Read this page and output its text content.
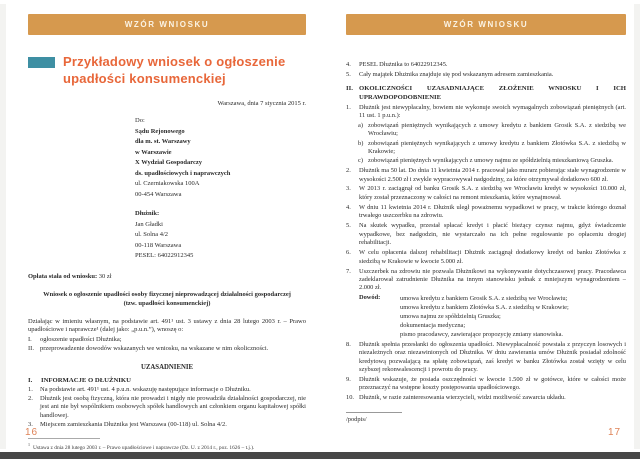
WZÓR WNIOSKU
Przykładowy wniosek o ogłoszenie upadłości konsumenckiej
Warszawa, dnia 7 stycznia 2015 r.
Do:
Sądu Rejonowego
dla m. st. Warszawy
w Warszawie
X Wydział Gospodarczy
ds. upadłościowych i naprawczych
ul. Czerniakowska 100A
00-454 Warszawa
Dłużnik:
Jan Gładki
ul. Solna 4/2
00-118 Warszawa
PESEL: 64022912345
Opłata stała od wniosku: 30 zł
Wniosek o ogłoszenie upadłości osoby fizycznej nieprowadzącej działalności gospodarczej
(tzw. upadłości konsumenckiej)
Działając w imieniu własnym, na podstawie art. 491¹ ust. 3 ustawy z dnia 28 lutego 2003 r. – Prawo upadłościowe i naprawcze¹ (dalej jako: „p.u.n.”), wnoszę o:
I.	ogłoszenie upadłości Dłużnika;
II. przeprowadzenie dowodów wskazanych we wniosku, na wskazane w nim okoliczności.
UZASADNIENIE
I.	INFORMACJE O DŁUŻNIKU
1.	Na podstawie art. 491¹ ust. 4 p.u.n. wskazuję następujące informacje o Dłużniku.
2.	Dłużnik jest osobą fizyczną, która nie prowadzi i nigdy nie prowadziła działalności gospodarczej, nie jest ani nie był wspólnikiem osobowych spółek handlowych ani członkiem organu kapitałowej spółki handlowej.
3.	Miejscem zamieszkania Dłużnika jest Warszawa (00-118) ul. Solna 4/2.
$^1$Ustawa z dnia 28 lutego 2003 r. – Prawo upadłościowe i naprawcze (Dz. U. z 2014 r., poz. 1626 – t.j.).
WZÓR WNIOSKU
4.	PESEL Dłużnika to 64022912345.
5.	Cały majątek Dłużnika znajduje się pod wskazanym adresem zamieszkania.
II. OKOLICZNOŚCI UZASADNIAJĄCE ZŁOŻENIE WNIOSKU I ICH UPRAWDOPODOBNIENIE
1.	Dłużnik jest niewypłacalny, bowiem nie wykonuje swoich wymagalnych zobowiązań pieniężnych (art. 11 ust. 1 p.u.n.):
a) zobowiązań pieniężnych wynikających z umowy kredytu z bankiem Grosik S.A. z siedzibą we Wrocławiu;
b) zobowiązań pieniężnych wynikających z umowy kredytu z bankiem Złotówka S.A. z siedzibą w Krakowie;
c) zobowiązań pieniężnych wynikających z umowy najmu ze spółdzielnią mieszkaniową Gruszka.
2.	Dłużnik ma 50 lat. Do dnia 11 kwietnia 2014 r. pracował jako murarz pobierając stałe wynagrodzenie w wysokości 2.500 zł i zwykle wypracowywał nadgodziny, za które otrzymywał dodatkowo 600 zł.
3.	W 2013 r. zaciągnął od banku Grosik S.A. z siedzibą we Wrocławiu kredyt w wysokości 10.000 zł, który został przeznaczony w całości na remont mieszkania, które wynajmował.
4.	W dniu 11 kwietnia 2014 r. Dłużnik uległ poważnemu wypadkowi w pracy, w trakcie którego doznał trwałego uszczerbku na zdrowiu.
5.	Na skutek wypadku, przestał spłacać kredyt i płacić bieżący czynsz najmu, gdyż świadczenie wypadkowe, bez nadgodzin, nie wystarczało na ich pełne regulowanie po opłaceniu drogiej rehabilitacji.
6.	W celu opłacenia dalszej rehabilitacji Dłużnik zaciągnął dodatkowy kredyt od banku Złotówka z siedzibą w Krakowie w kwocie 5.000 zł.
7.	Uszczerbek na zdrowiu nie pozwala Dłużnikowi na wykonywanie dotychczasowej pracy. Pracodawca zadeklarował zatrudnienie Dłużnika na innym stanowisku jednak z mniejszym wynagrodzeniem – 2.000 zł.
Dowód:	umowa kredytu z bankiem Grosik S.A. z siedzibą we Wrocławiu;
umowa kredytu z bankiem Złotówka S.A. z siedzibą w Krakowie;
umowa najmu ze spółdzielnią Gruszka;
dokumentacja medyczna;
pismo pracodawcy, zawierające propozycję zmiany stanowiska.
8.	Dłużnik spełnia przesłanki do ogłoszenia upadłości. Niewypłacalność powstała z przyczyn losowych i niezależnych oraz niezawinionych od Dłużnika. W dniu zawierania umów Dłużnik posiadał zdolność kredytową pozwalającą na spłatę zobowiązań, zaś kredyt w banku Złotówka został wzięty w celu szybszej rekonwalescencji i powrotu do pracy.
9.	Dłużnik wskazuje, że posiada oszczędności w kwocie 1.500 zł w gotówce, które w całości może przeznaczyć na wstępne koszty postępowania upadłościowego.
10. Dłużnik, w razie zainteresowania wierzycieli, widzi możliwość zawarcia układu.
/podpis/
16	17
